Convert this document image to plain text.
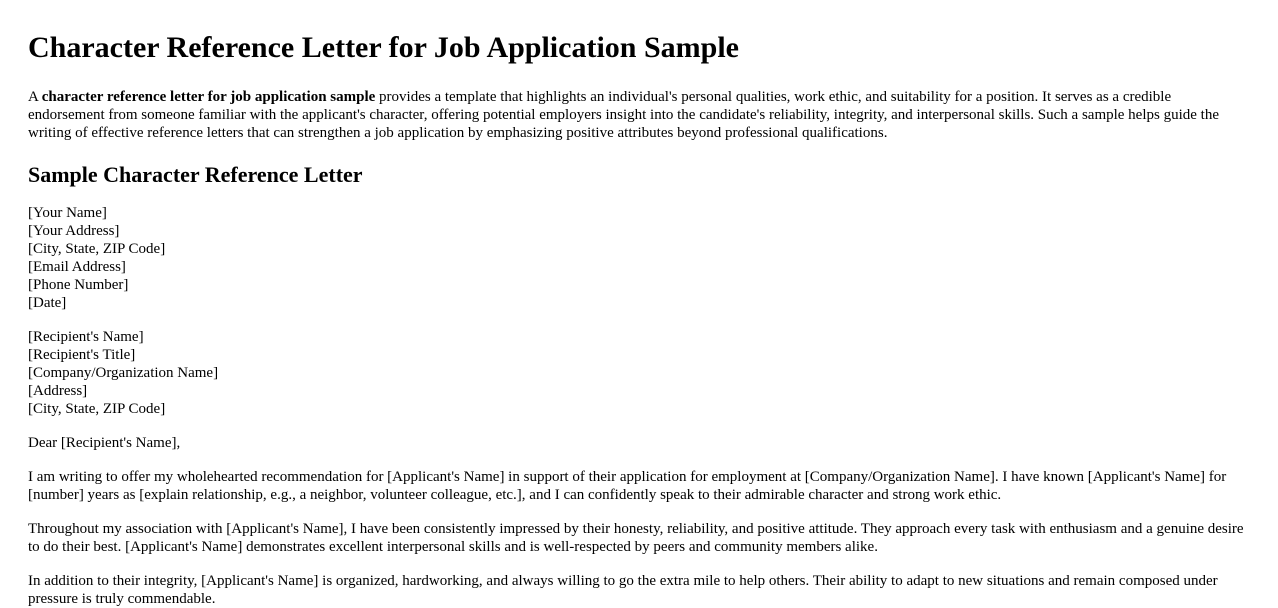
Character Reference Letter for Job Application Sample

A character reference letter for job application sample provides a template that highlights an individual's personal qualities, work ethic, and suitability for a position. It serves as a credible endorsement from someone familiar with the applicant's character, offering potential employers insight into the candidate's reliability, integrity, and interpersonal skills. Such a sample helps guide the writing of effective reference letters that can strengthen a job application by emphasizing positive attributes beyond professional qualifications.

Sample Character Reference Letter
[Your Name]
[Your Address]
[City, State, ZIP Code]
[Email Address]
[Phone Number]
[Date]
[Recipient's Name]
[Recipient's Title]
[Company/Organization Name]
[Address]
[City, State, ZIP Code]

Dear [Recipient's Name],

I am writing to offer my wholehearted recommendation for [Applicant's Name] in support of their application for employment at [Company/Organization Name]. I have known [Applicant's Name] for [number] years as [explain relationship, e.g., a neighbor, volunteer colleague, etc.], and I can confidently speak to their admirable character and strong work ethic.

Throughout my association with [Applicant's Name], I have been consistently impressed by their honesty, reliability, and positive attitude. They approach every task with enthusiasm and a genuine desire to do their best. [Applicant's Name] demonstrates excellent interpersonal skills and is well-respected by peers and community members alike.

In addition to their integrity, [Applicant's Name] is organized, hardworking, and always willing to go the extra mile to help others. Their ability to adapt to new situations and remain composed under pressure is truly commendable.
